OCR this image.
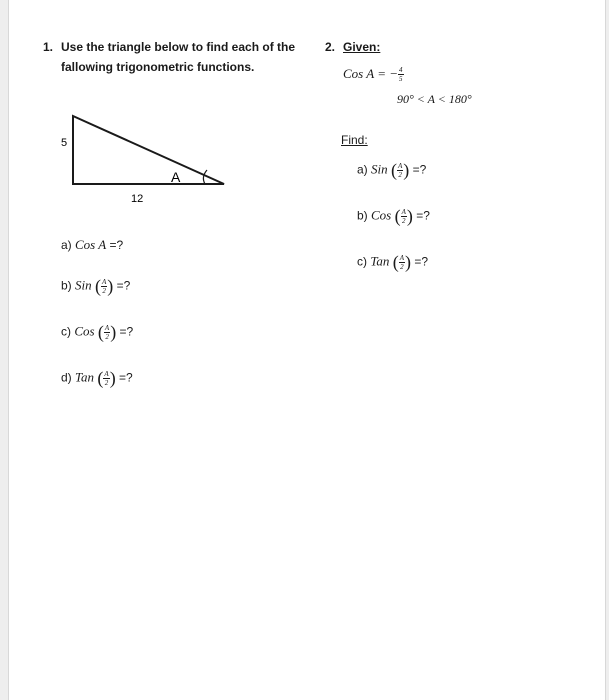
1. Use the triangle below to find each of the
fallowing trigonometric functions.
5
12
A
a) Cos A =?
b) Sin ( $\frac{A}{2}$ ) =?
c) Cos ( $\frac{A}{2}$ ) =?
d) Tan ( $\frac{A}{2}$ ) =?
2. Given:
Cos A = − $\frac{4}{5}$
90° < A < 180°
Find:
a) Sin ( $\frac{A}{2}$ ) =?
b) Cos ( $\frac{A}{2}$ ) =?
c) Tan ( $\frac{A}{2}$ ) =?
